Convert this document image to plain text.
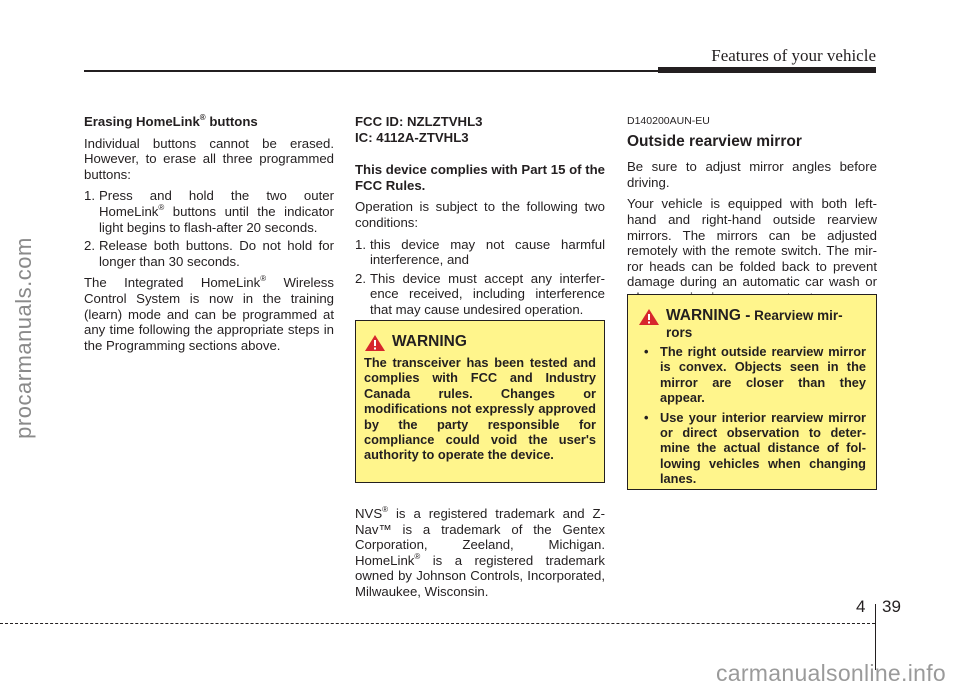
Features of your vehicle
procarmanuals.com

Erasing HomeLink® buttons

Individual buttons cannot be erased. However, to erase all three programmed buttons:

1. Press and hold the two outer HomeLink® buttons until the indicator light begins to flash-after 20 seconds.
2. Release both buttons. Do not hold for longer than 30 seconds.

The Integrated HomeLink® Wireless Control System is now in the training (learn) mode and can be programmed at any time following the appropriate steps in the Programming sections above.

FCC ID: NZLZTVHL3

IC: 4112A-ZTVHL3

This device complies with Part 15 of the FCC Rules.

Operation is subject to the following two conditions:

1. this device may not cause harmful interference, and
2. This device must accept any interfer-ence received, including interference that may cause undesired operation.
WARNING
The transceiver has been tested and complies with FCC and Industry Canada rules. Changes or modifications not expressly approved by the party responsible for compliance could void the user's authority to operate the device.

NVS® is a registered trademark and Z-Nav™ is a trademark of the Gentex Corporation, Zeeland, Michigan. HomeLink® is a registered trademark owned by Johnson Controls, Incorporated, Milwaukee, Wisconsin.

D140200AUN-EU
Outside rearview mirror

Be sure to adjust mirror angles before driving.

Your vehicle is equipped with both left-hand and right-hand outside rearview mirrors. The mirrors can be adjusted remotely with the remote switch. The mir-ror heads can be folded back to prevent damage during an automatic car wash or

WARNING - Rearview mir-rors
• The right outside rearview mirror is convex. Objects seen in the mirror are closer than they appear.
• Use your interior rearview mirror or direct observation to deter-mine the actual distance of fol-lowing vehicles when changing lanes.
4 39
carmanualsonline.info
